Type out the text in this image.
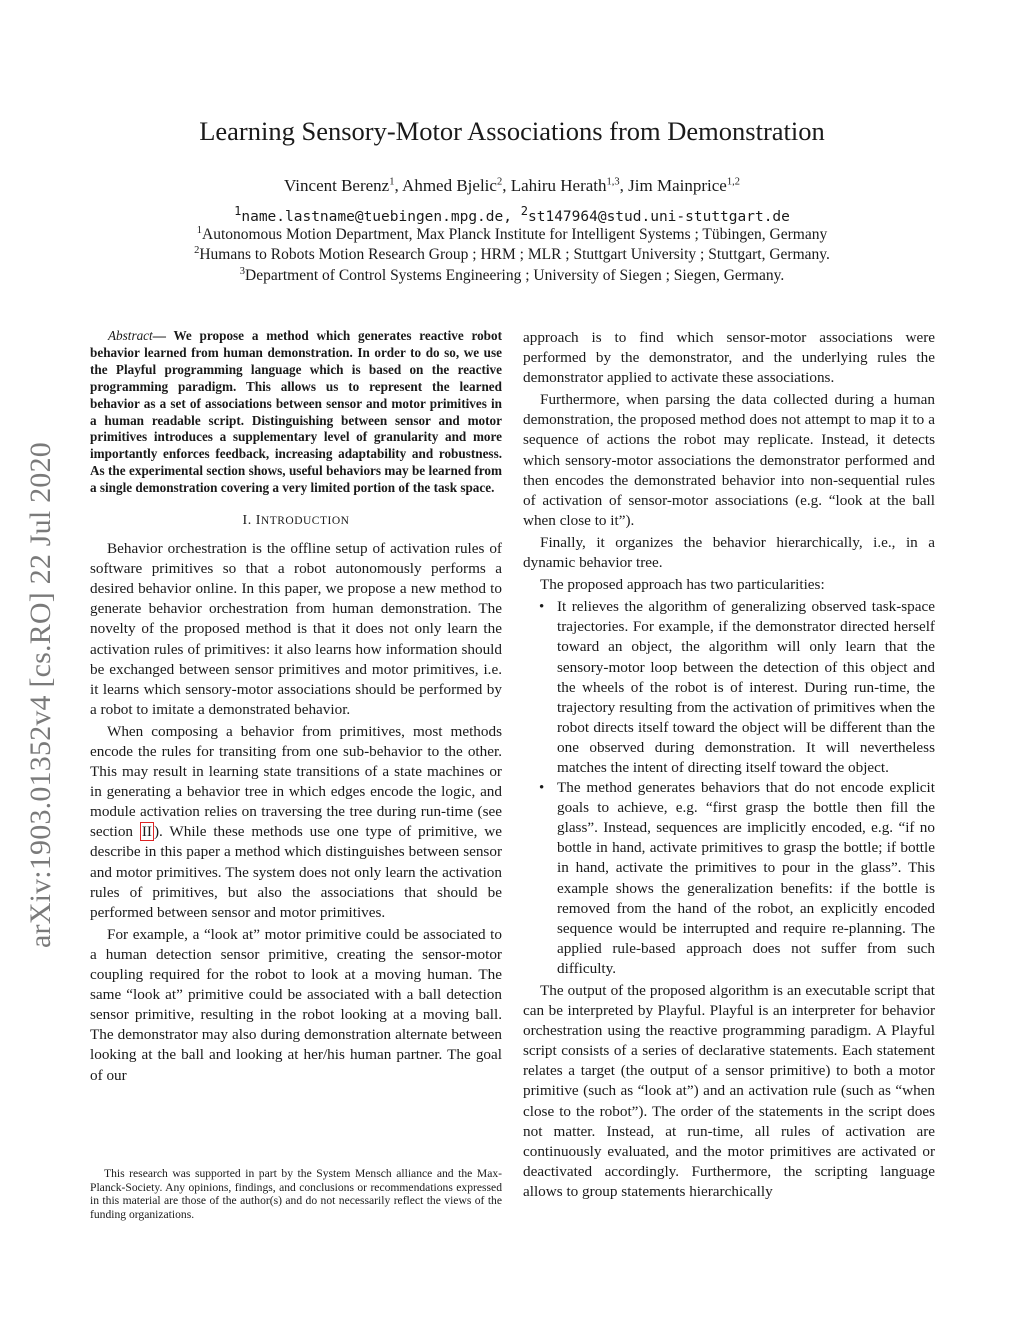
arXiv:1903.01352v4 [cs.RO] 22 Jul 2020
Learning Sensory-Motor Associations from Demonstration
Vincent Berenz$^1$, Ahmed Bjelic$^2$, Lahiru Herath$^{1,3}$, Jim Mainprice$^{1,2}$
$^1$name.lastname@tuebingen.mpg.de, $^2$st147964@stud.uni-stuttgart.de
$^1$Autonomous Motion Department, Max Planck Institute for Intelligent Systems ; Tübingen, Germany
$^2$Humans to Robots Motion Research Group ; HRM ; MLR ; Stuttgart University ; Stuttgart, Germany.
$^3$Department of Control Systems Engineering ; University of Siegen ; Siegen, Germany.

Abstract— We propose a method which generates reactive robot behavior learned from human demonstration. In order to do so, we use the Playful programming language which is based on the reactive programming paradigm. This allows us to represent the learned behavior as a set of associations between sensor and motor primitives in a human readable script. Distinguishing between sensor and motor primitives introduces a supplementary level of granularity and more importantly enforces feedback, increasing adaptability and robustness. As the experimental section shows, useful behaviors may be learned from a single demonstration covering a very limited portion of the task space.

I. INTRODUCTION

Behavior orchestration is the offline setup of activation rules of software primitives so that a robot autonomously performs a desired behavior online. In this paper, we propose a new method to generate behavior orchestration from human demonstration. The novelty of the proposed method is that it does not only learn the activation rules of primitives: it also learns how information should be exchanged between sensor primitives and motor primitives, i.e. it learns which sensory-motor associations should be performed by a robot to imitate a demonstrated behavior.

When composing a behavior from primitives, most methods encode the rules for transiting from one sub-behavior to the other. This may result in learning state transitions of a state machines or in generating a behavior tree in which edges encode the logic, and module activation relies on traversing the tree during run-time (see section II ). While these methods use one type of primitive, we describe in this paper a method which distinguishes between sensor and motor primitives. The system does not only learn the activation rules of primitives, but also the associations that should be performed between sensor and motor primitives.

For example, a “look at” motor primitive could be associated to a human detection sensor primitive, creating the sensor-motor coupling required for the robot to look at a moving human. The same “look at” primitive could be associated with a ball detection sensor primitive, resulting in the robot looking at a moving ball. The demonstrator may also during demonstration alternate between looking at the ball and looking at her/his human partner. The goal of our

This research was supported in part by the System Mensch alliance and the Max-Planck-Society. Any opinions, findings, and conclusions or recommendations expressed in this material are those of the author(s) and do not necessarily reflect the views of the funding organizations.

approach is to find which sensor-motor associations were performed by the demonstrator, and the underlying rules the demonstrator applied to activate these associations.

Furthermore, when parsing the data collected during a human demonstration, the proposed method does not attempt to map it to a sequence of actions the robot may replicate. Instead, it detects which sensory-motor associations the demonstrator performed and then encodes the demonstrated behavior into non-sequential rules of activation of sensor-motor associations (e.g. “look at the ball when close to it”).

Finally, it organizes the behavior hierarchically, i.e., in a dynamic behavior tree.

The proposed approach has two particularities:

• It relieves the algorithm of generalizing observed task-space trajectories. For example, if the demonstrator directed herself toward an object, the algorithm will only learn that the sensory-motor loop between the detection of this object and the wheels of the robot is of interest. During run-time, the trajectory resulting from the activation of primitives when the robot directs itself toward the object will be different than the one observed during demonstration. It will nevertheless matches the intent of directing itself toward the object.
• The method generates behaviors that do not encode explicit goals to achieve, e.g. “first grasp the bottle then fill the glass”. Instead, sequences are implicitly encoded, e.g. “if no bottle in hand, activate primitives to grasp the bottle; if bottle in hand, activate the primitives to pour in the glass”. This example shows the generalization benefits: if the bottle is removed from the hand of the robot, an explicitly encoded sequence would be interrupted and require re-planning. The applied rule-based approach does not suffer from such difficulty.

The output of the proposed algorithm is an executable script that can be interpreted by Playful. Playful is an interpreter for behavior orchestration using the reactive programming paradigm. A Playful script consists of a series of declarative statements. Each statement relates a target (the output of a sensor primitive) to both a motor primitive (such as “look at”) and an activation rule (such as “when close to the robot”). The order of the statements in the script does not matter. Instead, at run-time, all rules of activation are continuously evaluated, and the motor primitives are activated or deactivated accordingly. Furthermore, the scripting language allows to group statements hierarchically
